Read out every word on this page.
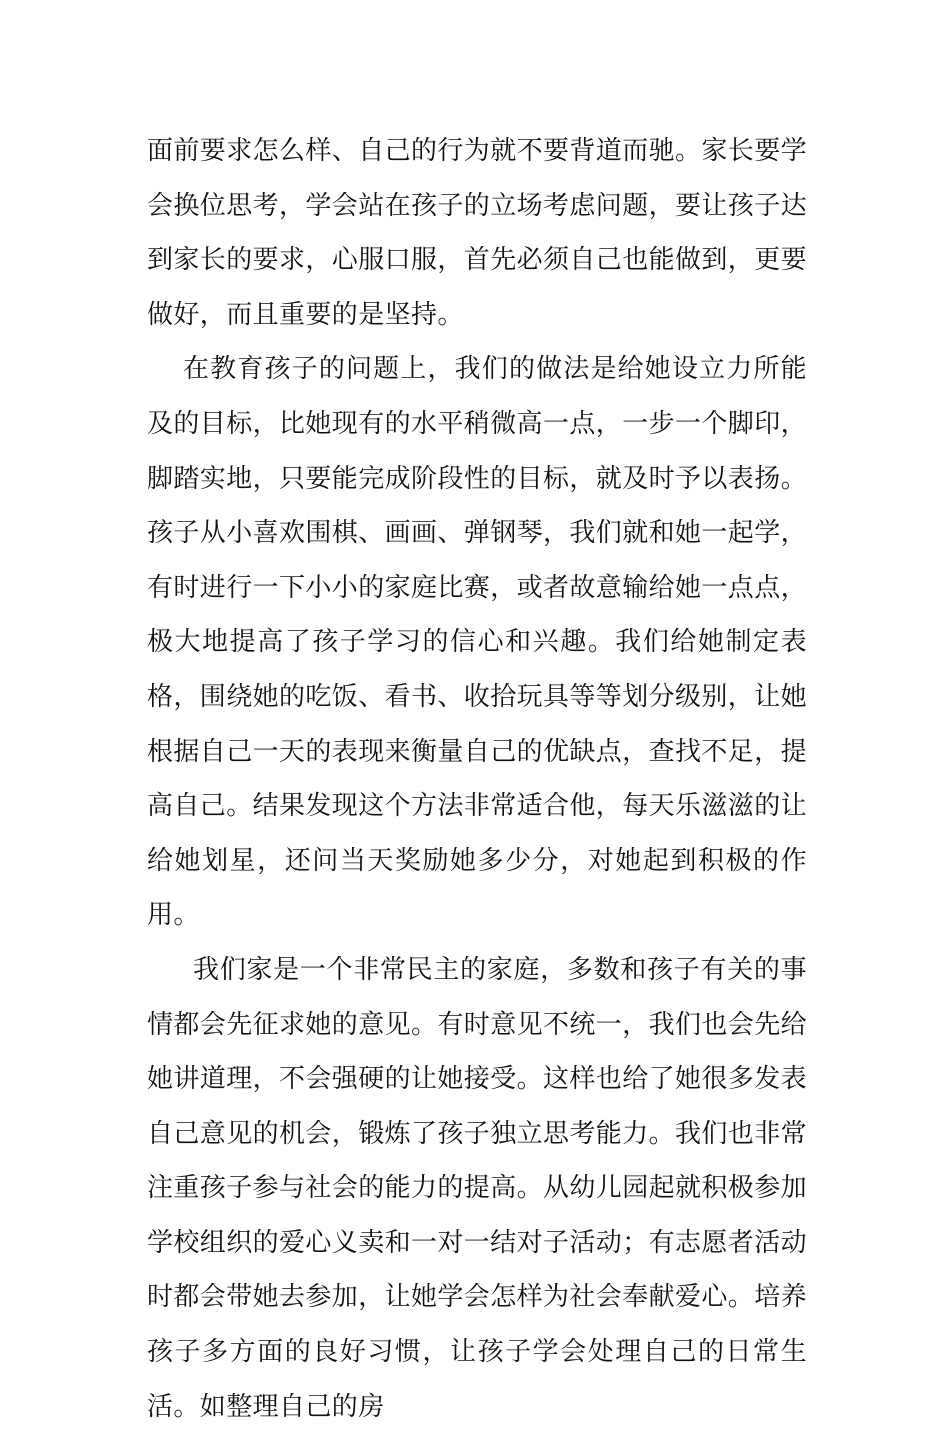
面前要求怎么样、自己的行为就不要背道而驰。家长要学会换位思考，学会站在孩子的立场考虑问题，要让孩子达到家长的要求，心服口服，首先必须自己也能做到，更要做好，而且重要的是坚持。

在教育孩子的问题上，我们的做法是给她设立力所能及的目标，比她现有的水平稍微高一点，一步一个脚印，脚踏实地，只要能完成阶段性的目标，就及时予以表扬。孩子从小喜欢围棋、画画、弹钢琴，我们就和她一起学，有时进行一下小小的家庭比赛，或者故意输给她一点点，极大地提高了孩子学习的信心和兴趣。我们给她制定表格，围绕她的吃饭、看书、收拾玩具等等划分级别，让她根据自己一天的表现来衡量自己的优缺点，查找不足，提高自己。结果发现这个方法非常适合他，每天乐滋滋的让给她划星，还问当天奖励她多少分，对她起到积极的作用。

我们家是一个非常民主的家庭，多数和孩子有关的事情都会先征求她的意见。有时意见不统一，我们也会先给她讲道理，不会强硬的让她接受。这样也给了她很多发表自己意见的机会，锻炼了孩子独立思考能力。我们也非常注重孩子参与社会的能力的提高。从幼儿园起就积极参加学校组织的爱心义卖和一对一结对子活动；有志愿者活动时都会带她去参加，让她学会怎样为社会奉献爱心。培养孩子多方面的良好习惯，让孩子学会处理自己的日常生活。如整理自己的房
